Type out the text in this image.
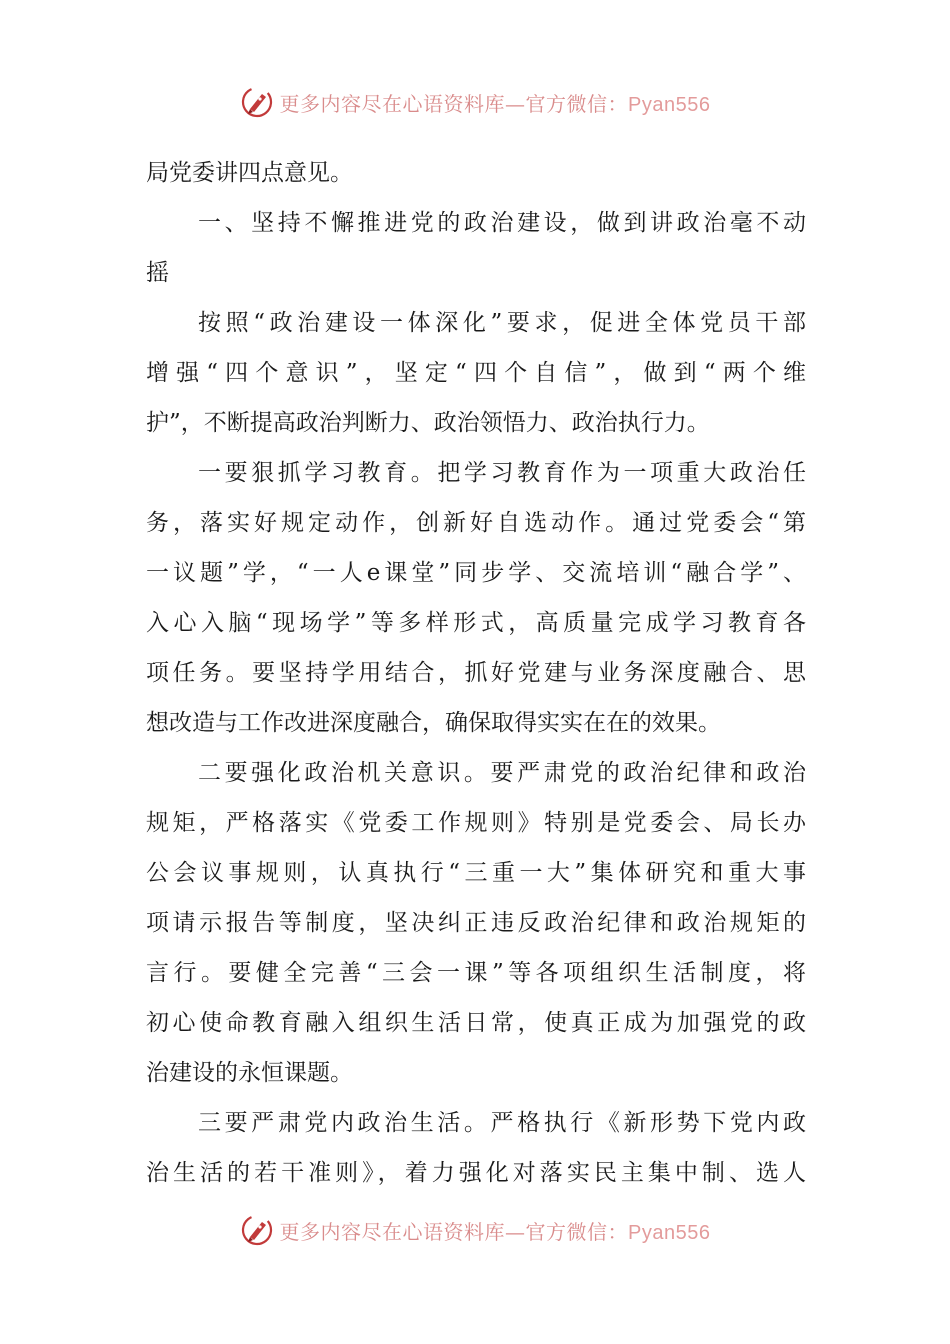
更多内容尽在心语资料库—官方微信：Pyan556
局党委讲四点意见。
一、坚持不懈推进党的政治建设，做到讲政治毫不动
摇
按照“政治建设一体深化”要求，促进全体党员干部
增强“四个意识”，坚定“四个自信”，做到“两个维
护”，不断提高政治判断力、政治领悟力、政治执行力。
一要狠抓学习教育。把学习教育作为一项重大政治任
务，落实好规定动作，创新好自选动作。通过党委会“第
一议题”学，“一人e课堂”同步学、交流培训“融合学”、
入心入脑“现场学”等多样形式，高质量完成学习教育各
项任务。要坚持学用结合，抓好党建与业务深度融合、思
想改造与工作改进深度融合，确保取得实实在在的效果。
二要强化政治机关意识。要严肃党的政治纪律和政治
规矩，严格落实《党委工作规则》特别是党委会、局长办
公会议事规则，认真执行“三重一大”集体研究和重大事
项请示报告等制度，坚决纠正违反政治纪律和政治规矩的
言行。要健全完善“三会一课”等各项组织生活制度，将
初心使命教育融入组织生活日常，使真正成为加强党的政
治建设的永恒课题。
三要严肃党内政治生活。严格执行《新形势下党内政
治生活的若干准则》，着力强化对落实民主集中制、选人
更多内容尽在心语资料库—官方微信：Pyan556
